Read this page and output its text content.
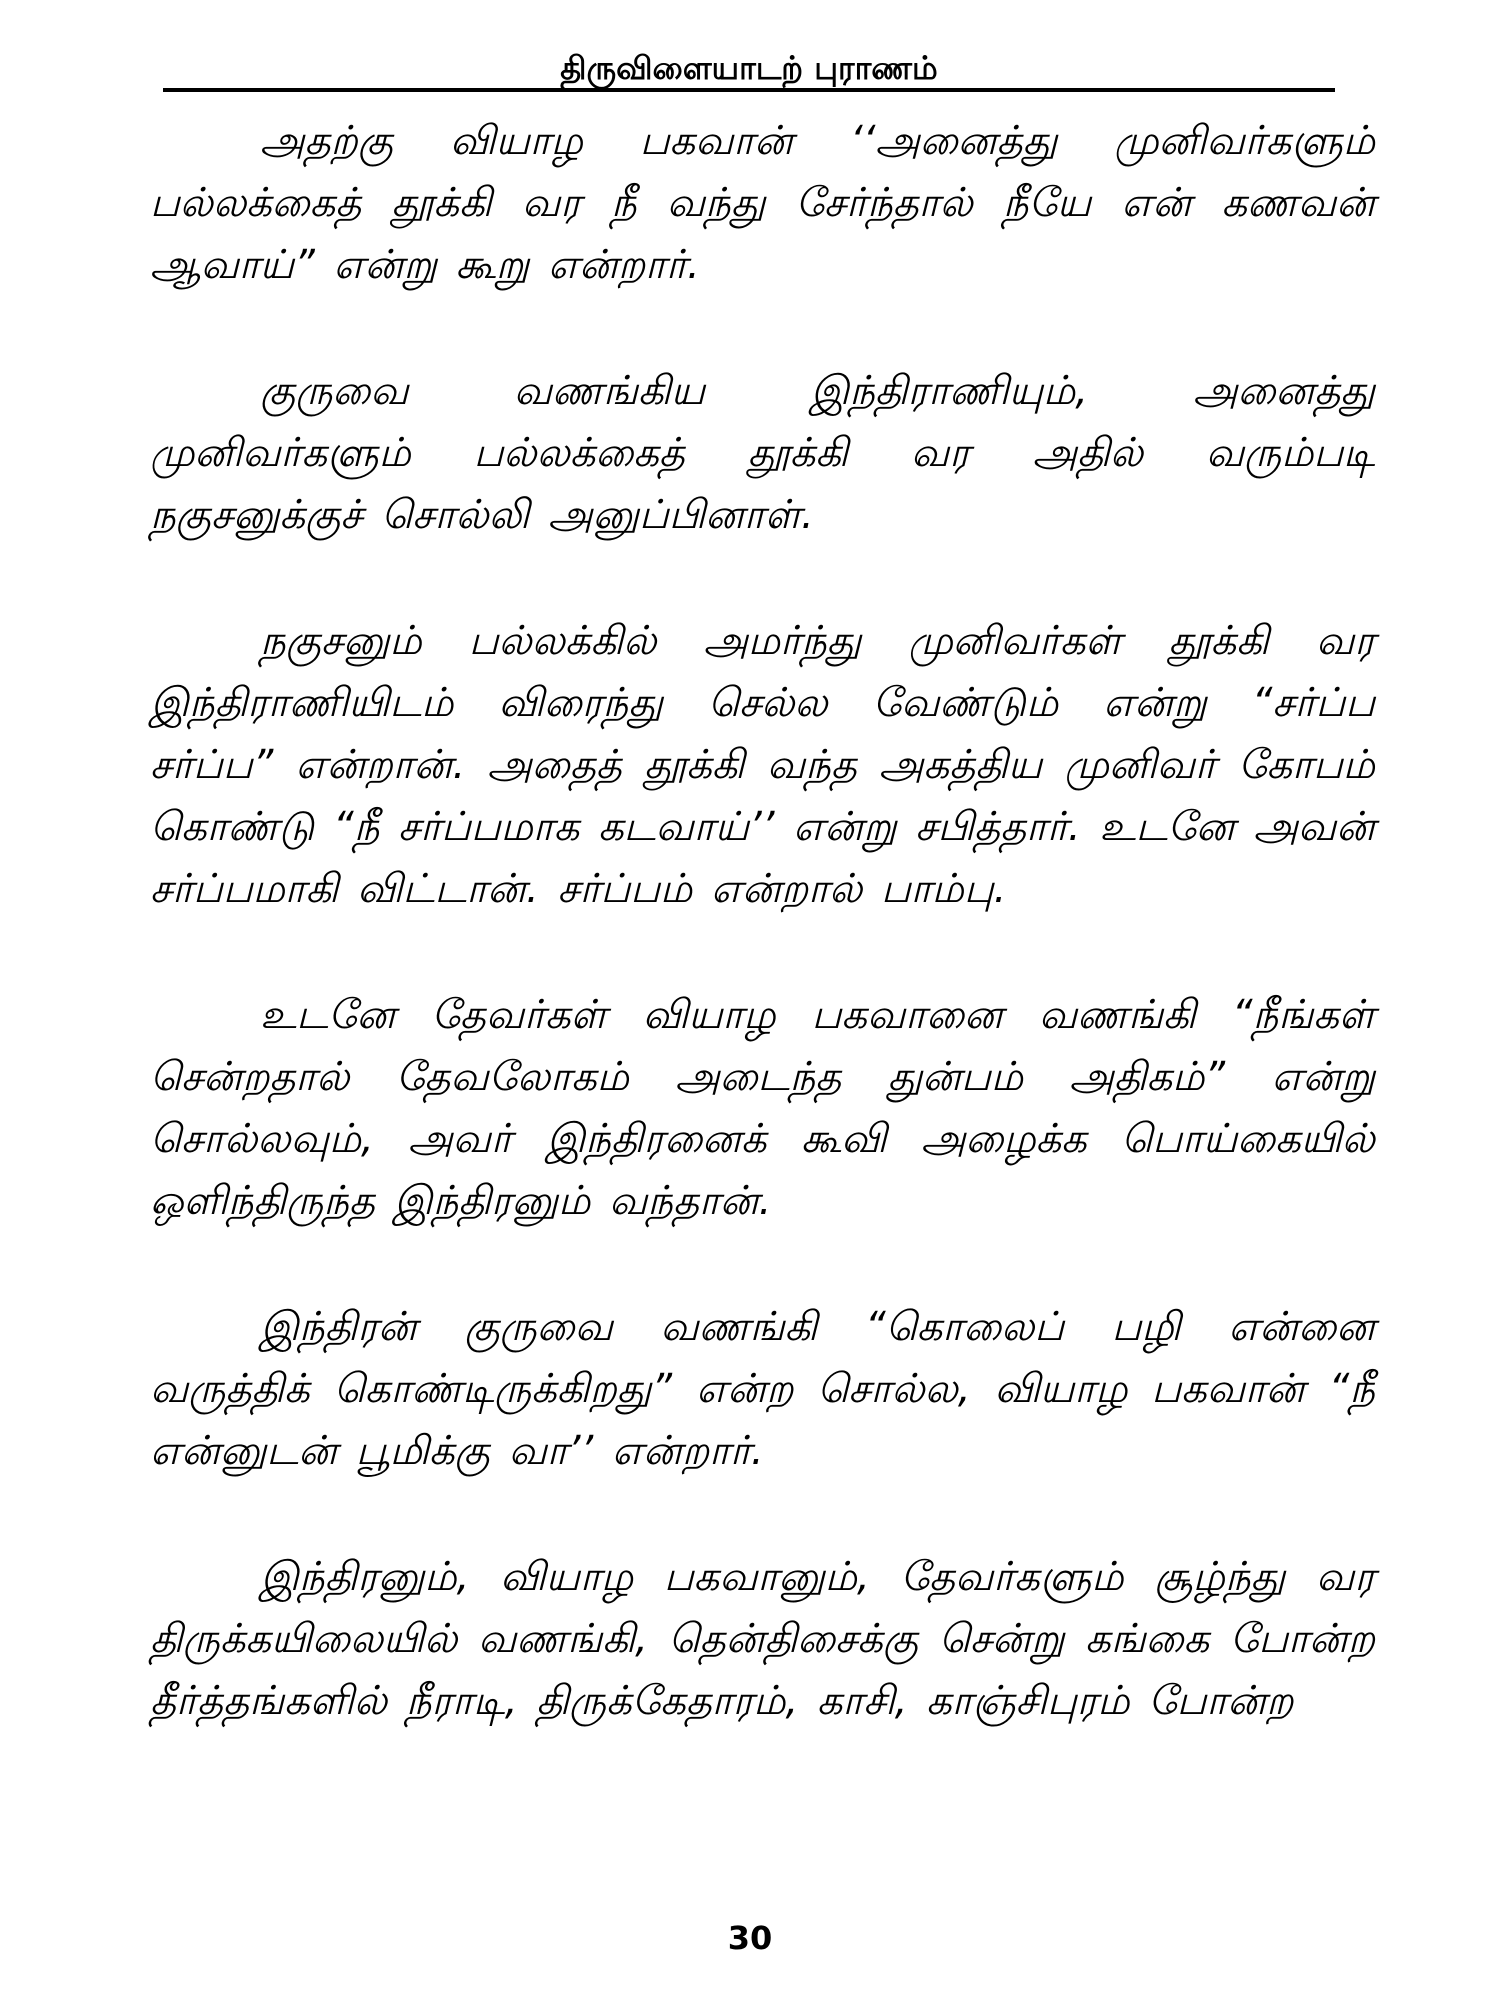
திருவிளையாடற் புராணம்

அதற்கு வியாழ பகவான் ‘‘அனைத்து முனிவர்களும் பல்லக்கைத் தூக்கி வர நீ வந்து சேர்ந்தால் நீயே என் கணவன் ஆவாய்” என்று கூறு என்றார்.

குருவை வணங்கிய இந்திராணியும், அனைத்து முனிவர்களும் பல்லக்கைத் தூக்கி வர அதில் வரும்படி நகுசனுக்குச் சொல்லி அனுப்பினாள்.

நகுசனும் பல்லக்கில் அமர்ந்து முனிவர்கள் தூக்கி வர இந்திராணியிடம் விரைந்து செல்ல வேண்டும் என்று “சர்ப்ப சர்ப்ப” என்றான். அதைத் தூக்கி வந்த அகத்திய முனிவர் கோபம் கொண்டு “நீ சர்ப்பமாக கடவாய்’’ என்று சபித்தார். உடனே அவன் சர்ப்பமாகி விட்டான். சர்ப்பம் என்றால் பாம்பு.

உடனே தேவர்கள் வியாழ பகவானை வணங்கி “நீங்கள் சென்றதால் தேவலோகம் அடைந்த துன்பம் அதிகம்” என்று சொல்லவும், அவர் இந்திரனைக் கூவி அழைக்க பொய்கையில் ஒளிந்திருந்த இந்திரனும் வந்தான்.

இந்திரன் குருவை வணங்கி “கொலைப் பழி என்னை வருத்திக் கொண்டிருக்கிறது” என்ற சொல்ல, வியாழ பகவான் “நீ என்னுடன் பூமிக்கு வா’’ என்றார்.

இந்திரனும், வியாழ பகவானும், தேவர்களும் சூழ்ந்து வர திருக்கயிலையில் வணங்கி, தென்திசைக்கு சென்று கங்கை போன்ற தீர்த்தங்களில் நீராடி, திருக்கேதாரம், காசி, காஞ்சிபுரம் போன்ற

30
